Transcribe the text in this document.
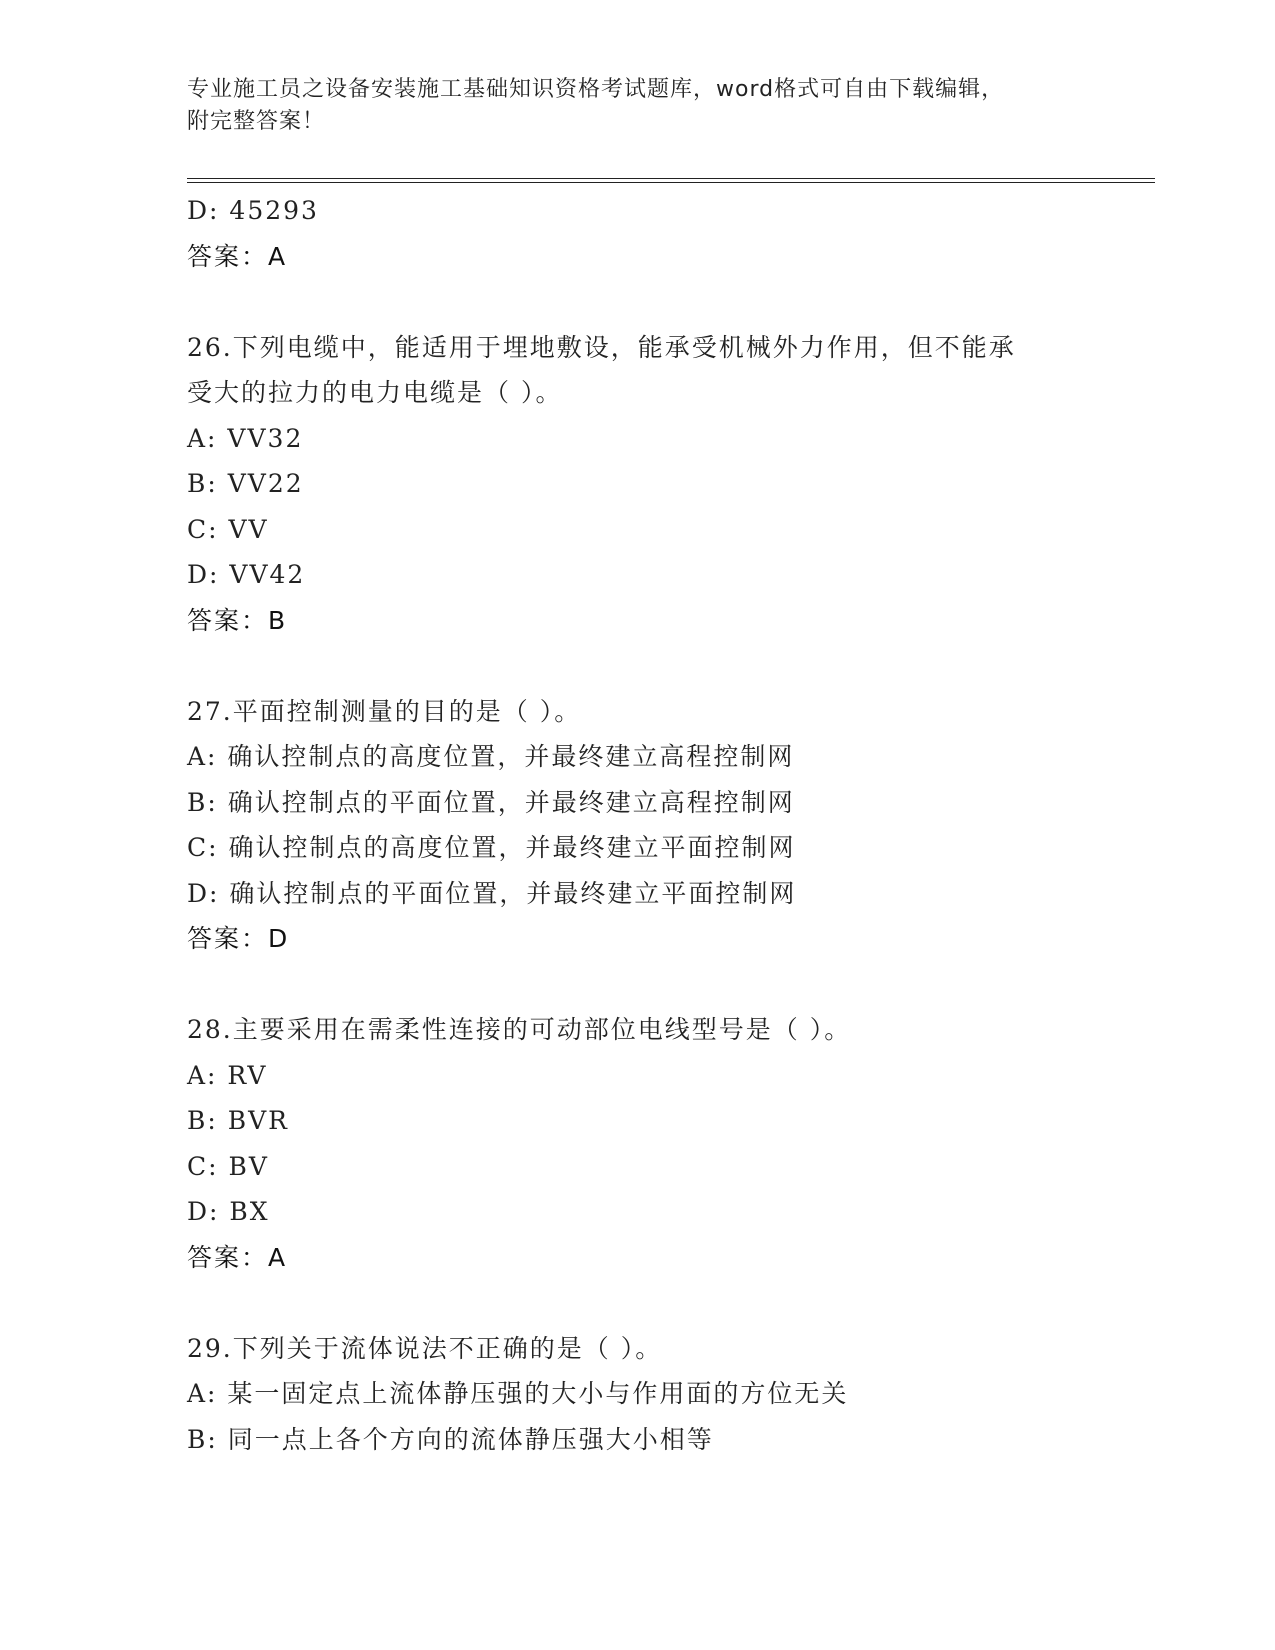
专业施工员之设备安装施工基础知识资格考试题库，word格式可自由下载编辑，
附完整答案！
D: 45293
答案：A
26.下列电缆中，能适用于埋地敷设，能承受机械外力作用，但不能承
受大的拉力的电力电缆是（ ）。
A: VV32
B: VV22
C: VV
D: VV42
答案：B
27.平面控制测量的目的是（ ）。
A: 确认控制点的高度位置，并最终建立高程控制网
B: 确认控制点的平面位置，并最终建立高程控制网
C: 确认控制点的高度位置，并最终建立平面控制网
D: 确认控制点的平面位置，并最终建立平面控制网
答案：D
28.主要采用在需柔性连接的可动部位电线型号是（ ）。
A: RV
B: BVR
C: BV
D: BX
答案：A
29.下列关于流体说法不正确的是（ ）。
A: 某一固定点上流体静压强的大小与作用面的方位无关
B: 同一点上各个方向的流体静压强大小相等
